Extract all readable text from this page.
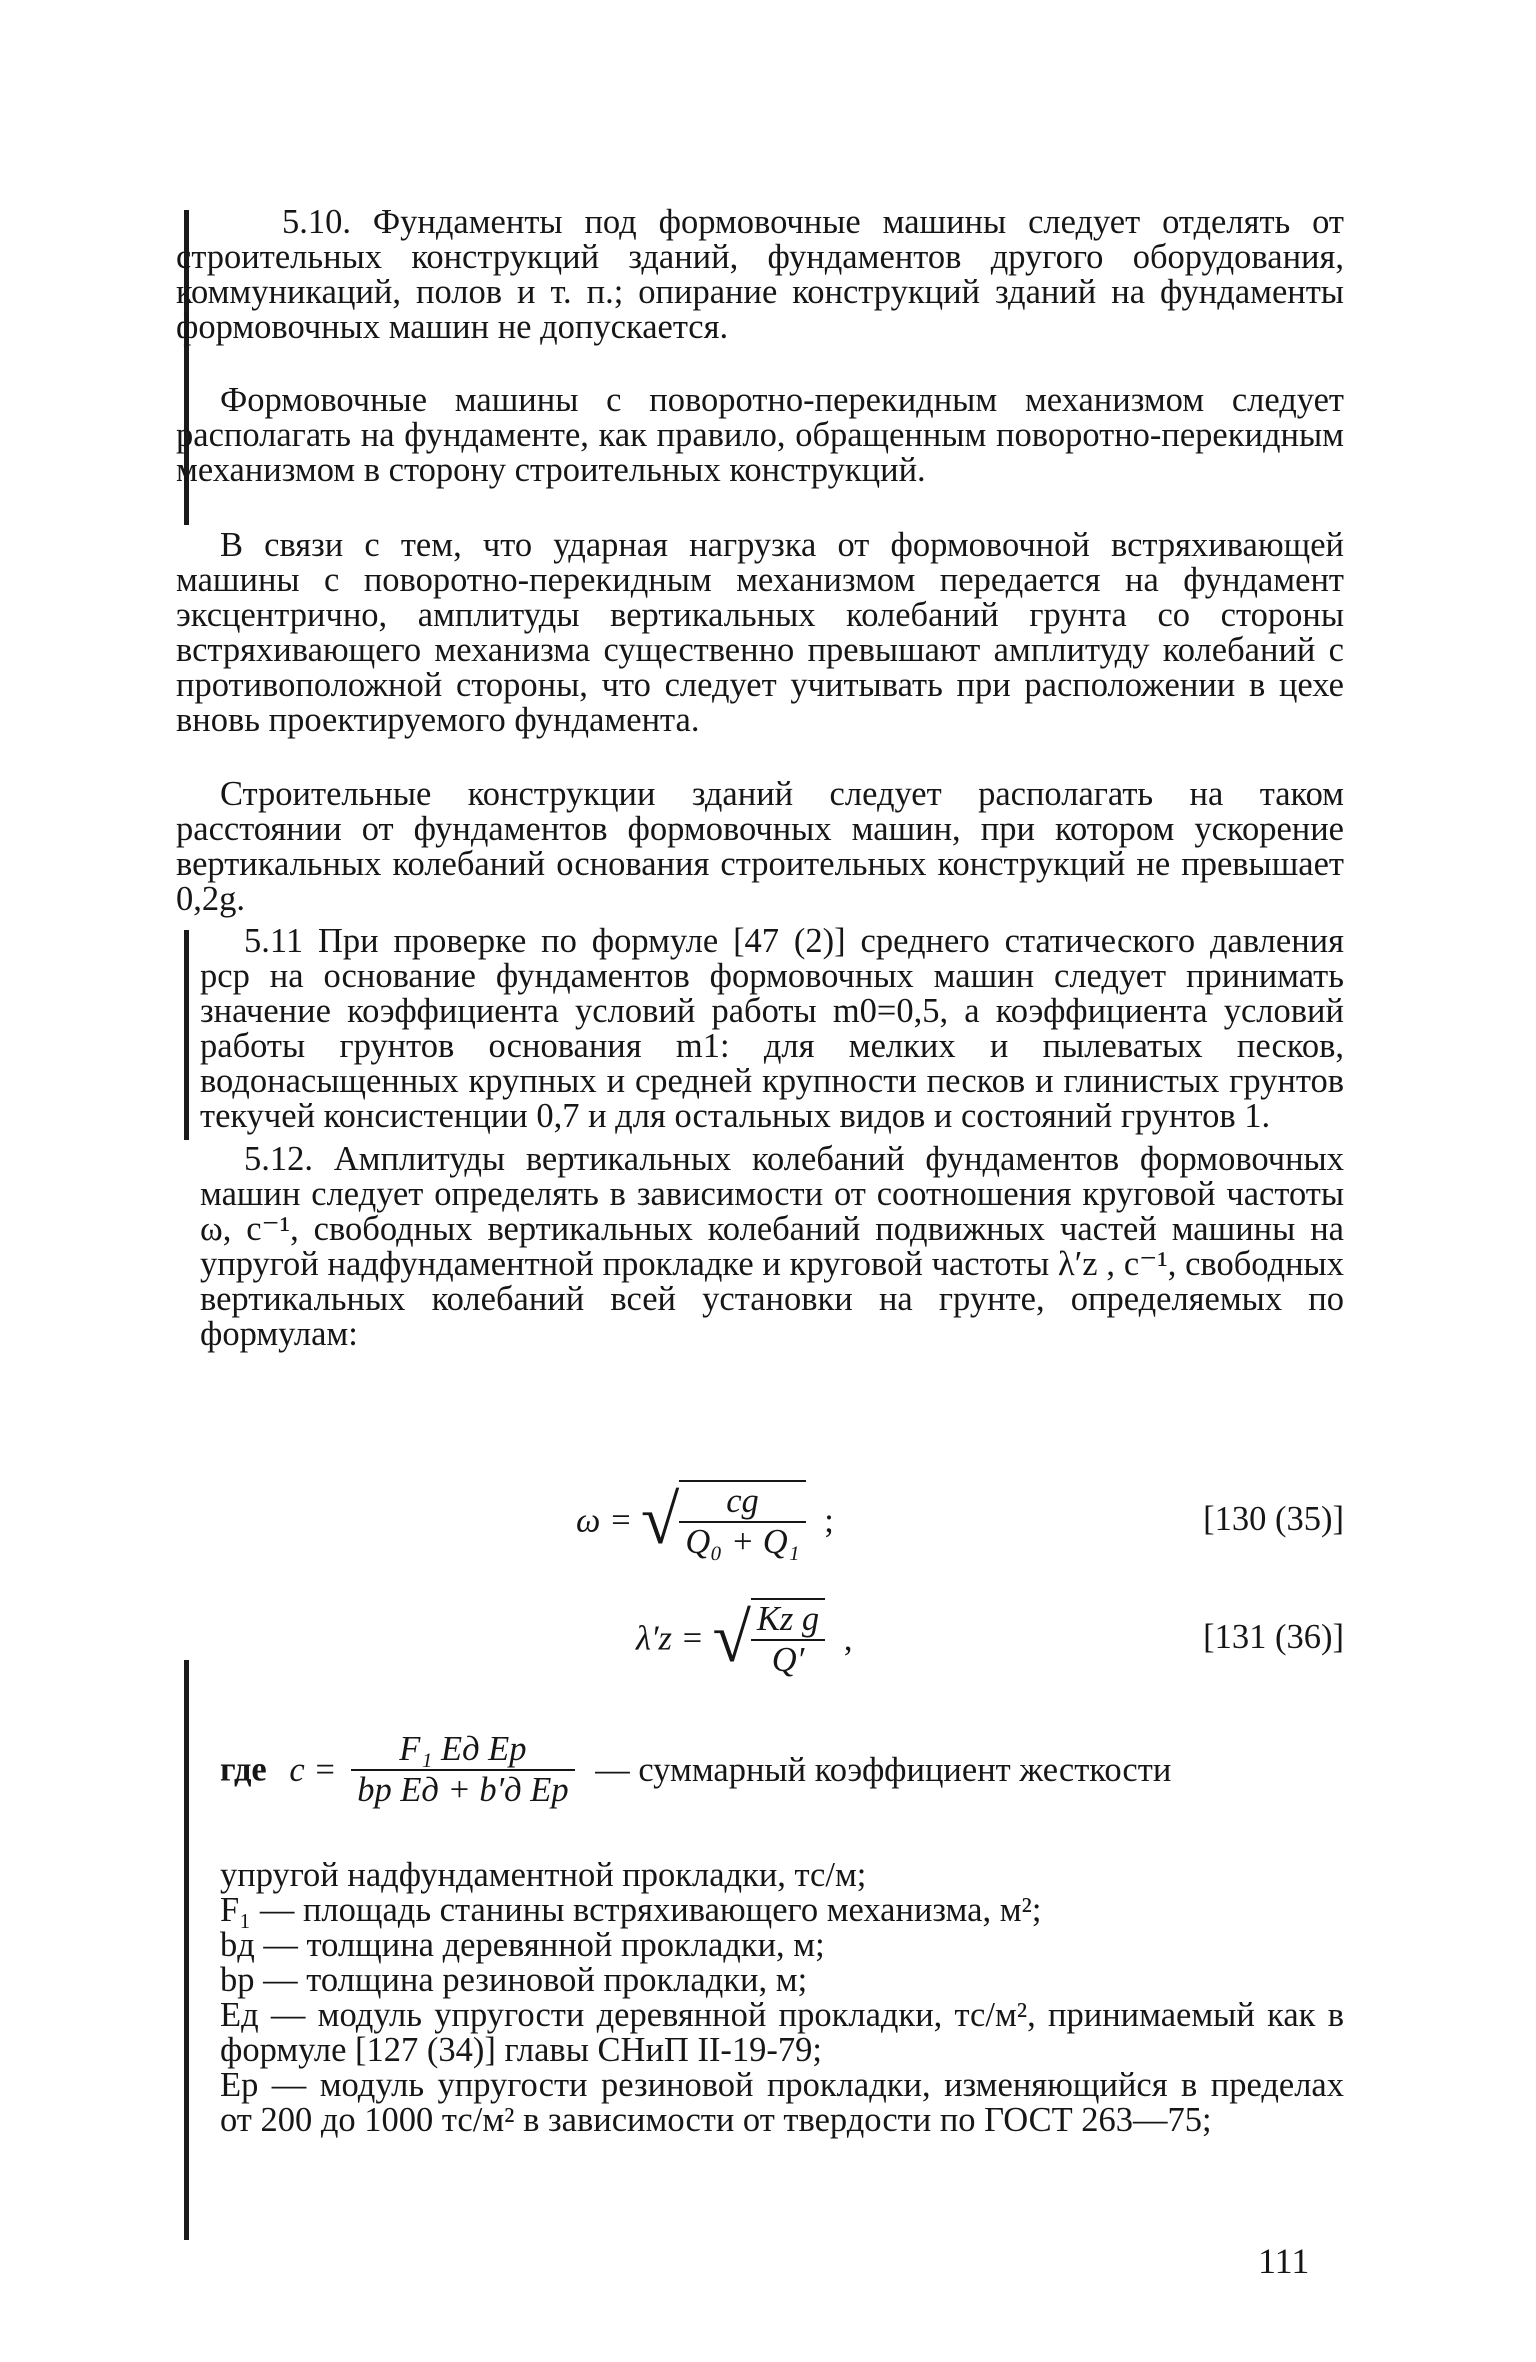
5.10. Фундаменты под формовочные машины следует отделять от строительных конструкций зданий, фундаментов другого оборудования, коммуникаций, полов и т. п.; опирание конструкций зданий на фундаменты формовочных машин не допускается.
Формовочные машины с поворотно-перекидным механизмом следует располагать на фундаменте, как правило, обращенным поворотно-перекидным механизмом в сторону строительных конструкций.
В связи с тем, что ударная нагрузка от формовочной встряхивающей машины с поворотно-перекидным механизмом передается на фундамент эксцентрично, амплитуды вертикальных колебаний грунта со стороны встряхивающего механизма существенно превышают амплитуду колебаний с противоположной стороны, что следует учитывать при расположении в цехе вновь проектируемого фундамента.
Строительные конструкции зданий следует располагать на таком расстоянии от фундаментов формовочных машин, при котором ускорение вертикальных колебаний основания строительных конструкций не превышает 0,2g.
5.11 При проверке по формуле [47 (2)] среднего статического давления pср на основание фундаментов формовочных машин следует принимать значение коэффициента условий работы m0=0,5, а коэффициента условий работы грунтов основания m1: для мелких и пылеватых песков, водонасыщенных крупных и средней крупности песков и глинистых грунтов текучей консистенции 0,7 и для остальных видов и состояний грунтов 1.
5.12. Амплитуды вертикальных колебаний фундаментов формовочных машин следует определять в зависимости от соотношения круговой частоты ω, с⁻¹, свободных вертикальных колебаний подвижных частей машины на упругой надфундаментной прокладке и круговой частоты λ′z , с⁻¹, свободных вертикальных колебаний всей установки на грунте, определяемых по формулам:
ω = √ $\frac{cg}{\text{Q₀ + Q₁}}$ ;	[130 (35)]
λ′z = √ $\frac{\text{Kz g}}{Q'}$ ,	[131 (36)]
где $c = \frac{\text{F₁ Eд Eр}}{\text{bр Eд + b′д Eр}}$ — суммарный коэффициент жесткости
упругой надфундаментной прокладки, тс/м;
F₁ — площадь станины встряхивающего механизма, м²;
bд — толщина деревянной прокладки, м;
bр — толщина резиновой прокладки, м;
Eд — модуль упругости деревянной прокладки, тс/м², принимаемый как в формуле [127 (34)] главы СНиП II-19-79;
Eр — модуль упругости резиновой прокладки, изменяющийся в пределах от 200 до 1000 тс/м² в зависимости от твердости по ГОСТ 263—75;
111
